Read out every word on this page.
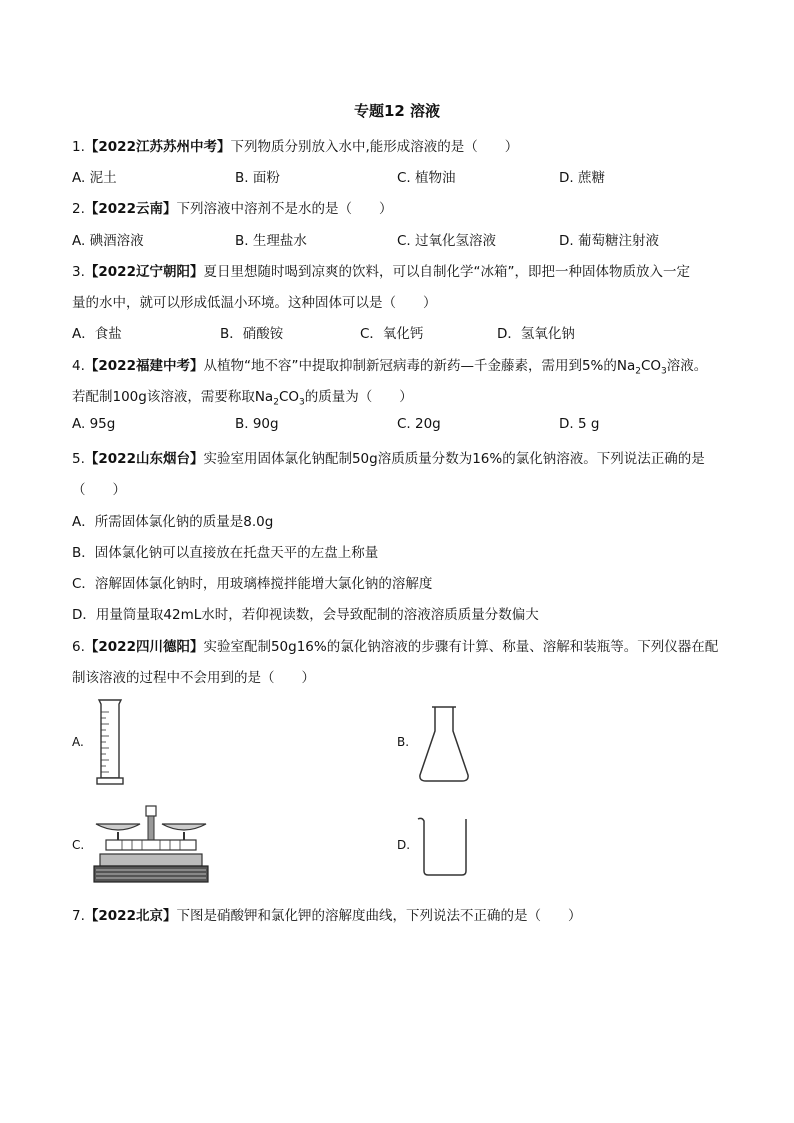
专题12 溶液
1.【2022江苏苏州中考】下列物质分别放入水中,能形成溶液的是（　　）
A. 泥土	B. 面粉	C. 植物油	D. 蔗糖
2.【2022云南】下列溶液中溶剂不是水的是（　　）
A. 碘酒溶液	B. 生理盐水	C. 过氧化氢溶液	D. 葡萄糖注射液
3.【2022辽宁朝阳】夏日里想随时喝到凉爽的饮料，可以自制化学“冰箱”，即把一种固体物质放入一定
量的水中，就可以形成低温小环境。这种固体可以是（　　）
A．食盐	B．硝酸铵	C．氧化钙	D．氢氧化钠
4.【2022福建中考】从植物“地不容”中提取抑制新冠病毒的新药—千金藤素，需用到5%的$Na_2CO_3$溶液。
若配制100g该溶液，需要称取$Na_2CO_3$的质量为（　　）
A. 95g	B. 90g	C. 20g	D. 5 g
5.【2022山东烟台】实验室用固体氯化钠配制50g溶质质量分数为16%的氯化钠溶液。下列说法正确的是
（　　）
A．所需固体氯化钠的质量是8.0g
B．固体氯化钠可以直接放在托盘天平的左盘上称量
C．溶解固体氯化钠时，用玻璃棒搅拌能增大氯化钠的溶解度
D．用量筒量取42mL水时，若仰视读数，会导致配制的溶液溶质质量分数偏大
6.【2022四川德阳】实验室配制50g16%的氯化钠溶液的步骤有计算、称量、溶解和装瓶等。下列仪器在配
制该溶液的过程中不会用到的是（　　）
A.	B.
C.	D.
7.【2022北京】下图是硝酸钾和氯化钾的溶解度曲线，下列说法不正确的是（　　）
